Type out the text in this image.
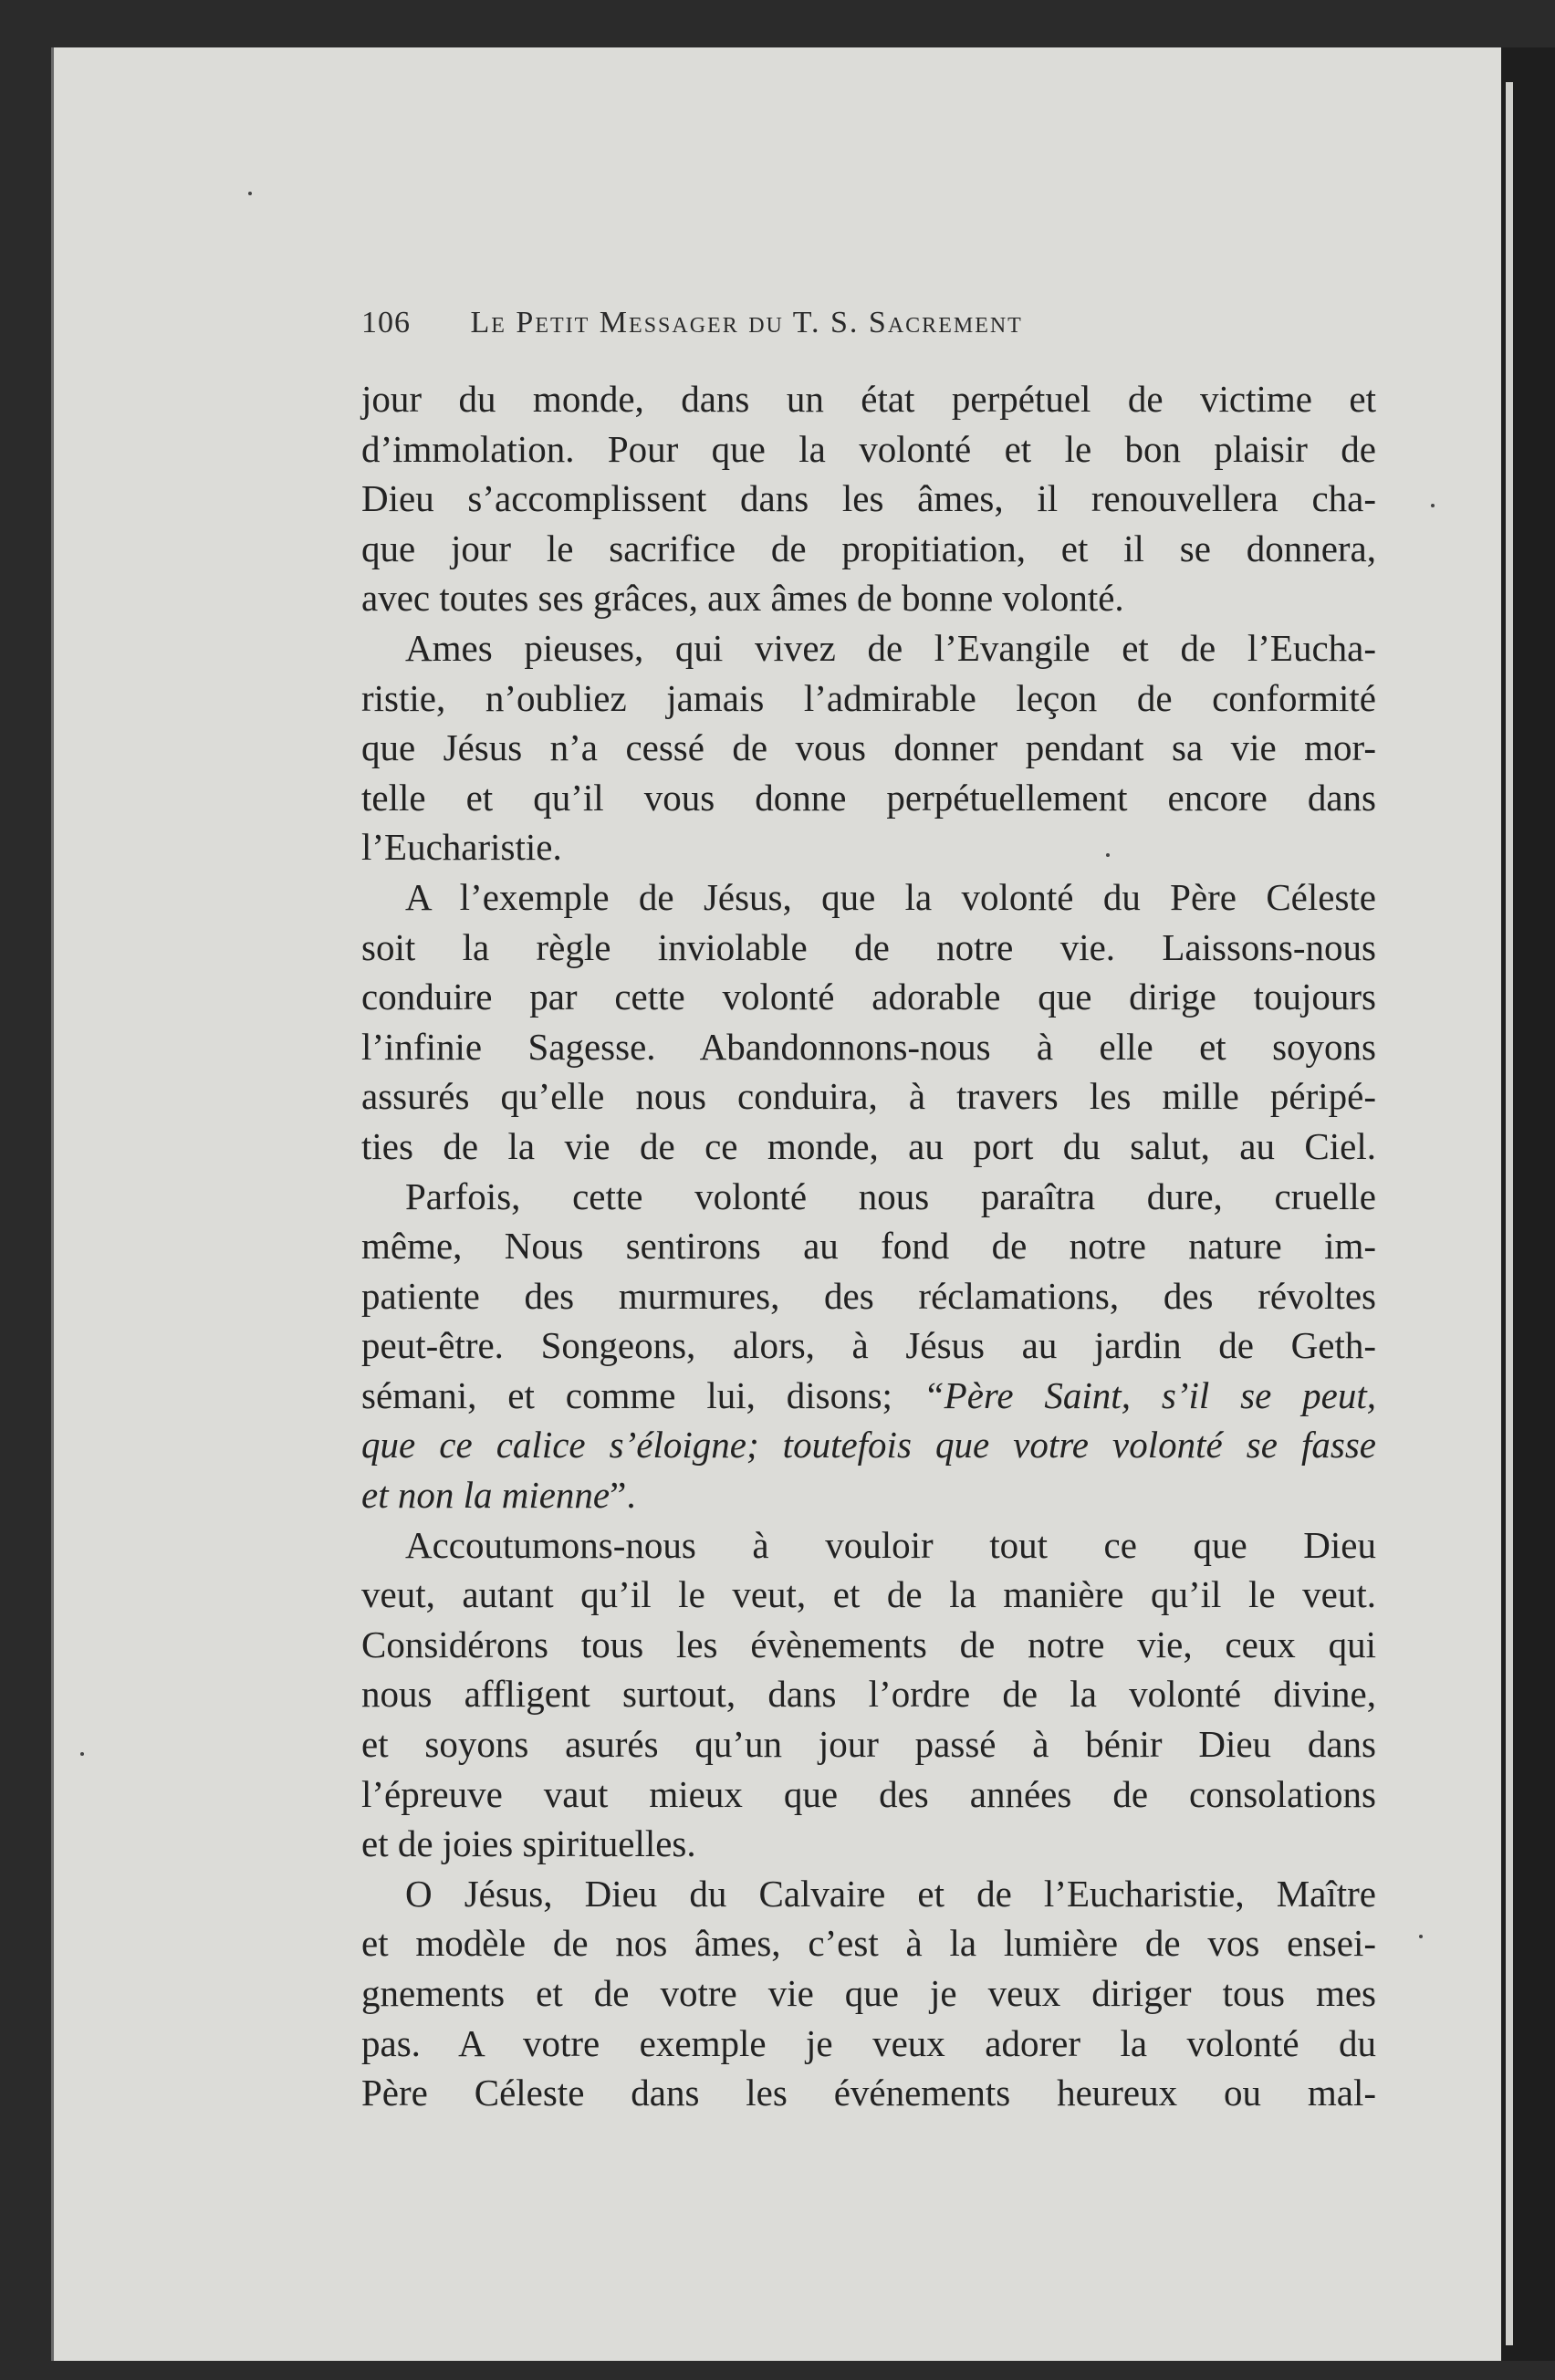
106 Le Petit Messager du T. S. Sacrement
jour du monde, dans un état perpétuel de victime et
d’immolation. Pour que la volonté et le bon plaisir de
Dieu s’accomplissent dans les âmes, il renouvellera cha-
que jour le sacrifice de propitiation, et il se donnera,
avec toutes ses grâces, aux âmes de bonne volonté.
Ames pieuses, qui vivez de l’Evangile et de l’Eucha-
ristie, n’oubliez jamais l’admirable leçon de conformité
que Jésus n’a cessé de vous donner pendant sa vie mor-
telle et qu’il vous donne perpétuellement encore dans
l’Eucharistie.
A l’exemple de Jésus, que la volonté du Père Céleste
soit la règle inviolable de notre vie. Laissons-nous
conduire par cette volonté adorable que dirige toujours
l’infinie Sagesse. Abandonnons-nous à elle et soyons
assurés qu’elle nous conduira, à travers les mille péripé-
ties de la vie de ce monde, au port du salut, au Ciel.
Parfois, cette volonté nous paraîtra dure, cruelle
même, Nous sentirons au fond de notre nature im-
patiente des murmures, des réclamations, des révoltes
peut-être. Songeons, alors, à Jésus au jardin de Geth-
sémani, et comme lui, disons; “Père Saint, s’il se peut,
que ce calice s’éloigne; toutefois que votre volonté se fasse
et non la mienne”.
Accoutumons-nous à vouloir tout ce que Dieu
veut, autant qu’il le veut, et de la manière qu’il le veut.
Considérons tous les évènements de notre vie, ceux qui
nous affligent surtout, dans l’ordre de la volonté divine,
et soyons asurés qu’un jour passé à bénir Dieu dans
l’épreuve vaut mieux que des années de consolations
et de joies spirituelles.
O Jésus, Dieu du Calvaire et de l’Eucharistie, Maître
et modèle de nos âmes, c’est à la lumière de vos ensei-
gnements et de votre vie que je veux diriger tous mes
pas. A votre exemple je veux adorer la volonté du
Père Céleste dans les événements heureux ou mal-
